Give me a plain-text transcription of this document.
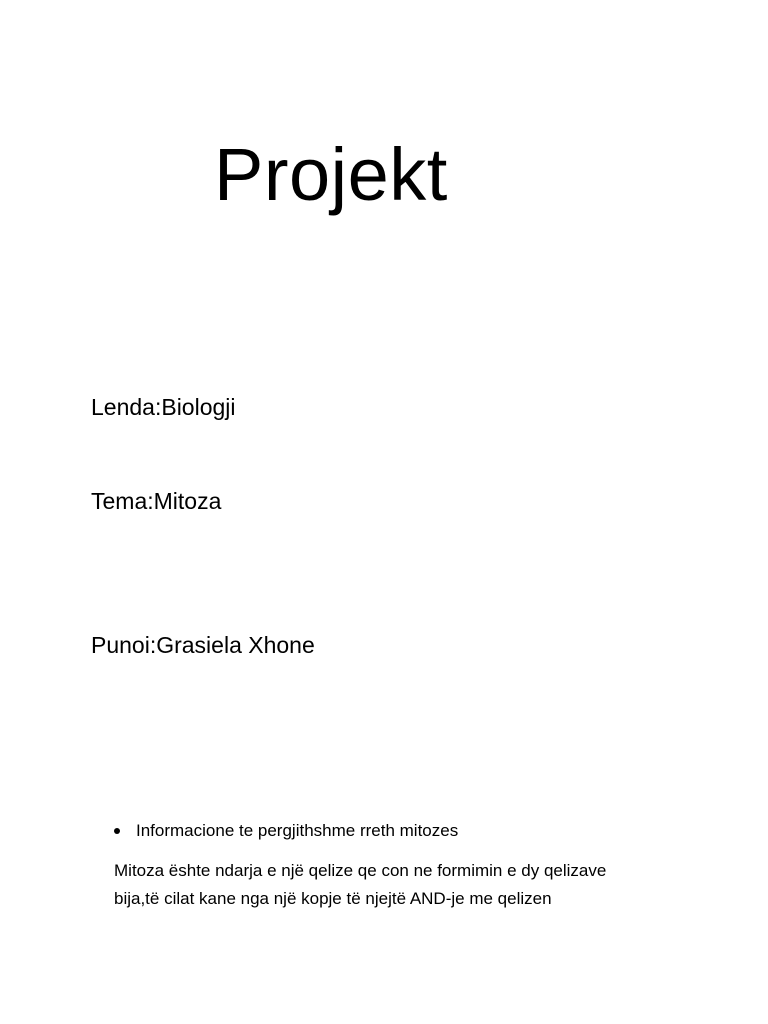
Projekt
Lenda:Biologji
Tema:Mitoza
Punoi:Grasiela Xhone
Informacione te pergjithshme rreth mitozes
Mitoza ështe ndarja e një qelize qe con ne formimin e dy qelizave
bija,të cilat kane nga një kopje të njejtë AND-je me qelizen
